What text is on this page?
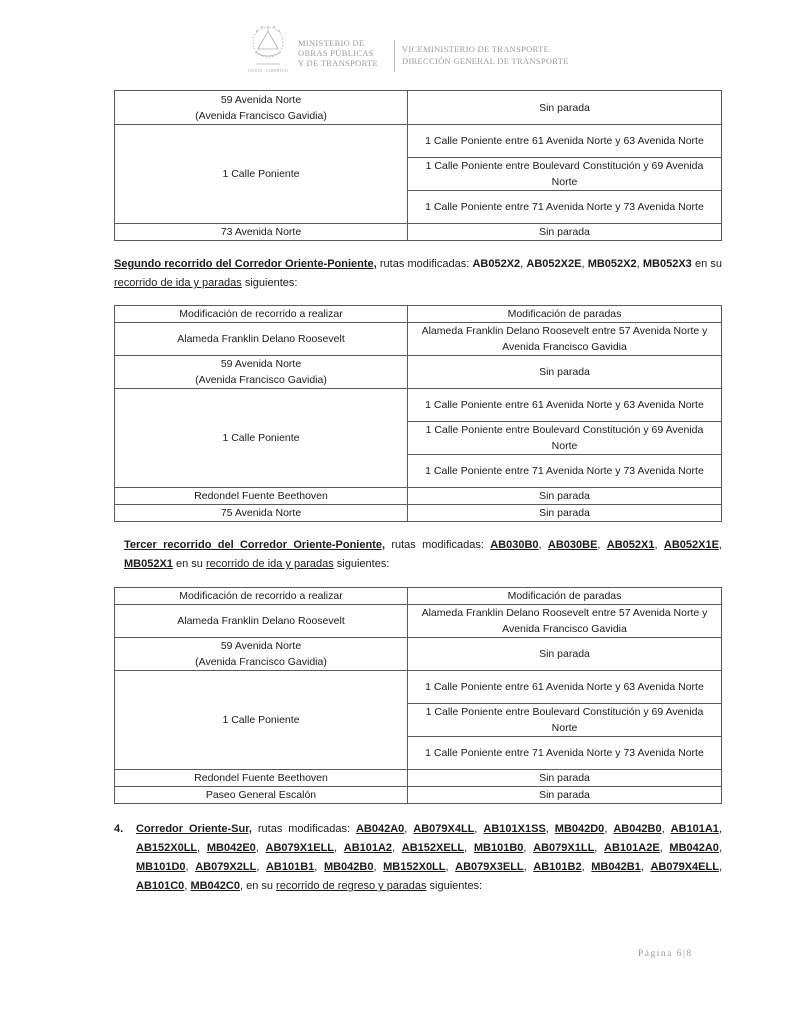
UNIÓN · LIBERTAD
MINISTERIO DE
OBRAS PÚBLICAS
Y DE TRANSPORTE
VICEMINISTERIO DE TRANSPORTE
DIRECCIÓN GENERAL DE TRANSPORTE
59 Avenida Norte
(Avenida Francisco Gavidia)	Sin parada
1 Calle Poniente	1 Calle Poniente entre 61 Avenida Norte y 63 Avenida Norte
	1 Calle Poniente entre Boulevard Constitución y 69 Avenida Norte
	1 Calle Poniente entre 71 Avenida Norte y 73 Avenida Norte
73 Avenida Norte	Sin parada
Segundo recorrido del Corredor Oriente-Poniente, rutas modificadas: AB052X2, AB052X2E, MB052X2, MB052X3 en su recorrido de ida y paradas siguientes:
Modificación de recorrido a realizar	Modificación de paradas
Alameda Franklin Delano Roosevelt	Alameda Franklin Delano Roosevelt entre 57 Avenida Norte y Avenida Francisco Gavidia
59 Avenida Norte
(Avenida Francisco Gavidia)	Sin parada
1 Calle Poniente	1 Calle Poniente entre 61 Avenida Norte y 63 Avenida Norte
	1 Calle Poniente entre Boulevard Constitución y 69 Avenida Norte
	1 Calle Poniente entre 71 Avenida Norte y 73 Avenida Norte
Redondel Fuente Beethoven	Sin parada
75 Avenida Norte	Sin parada
Tercer recorrido del Corredor Oriente-Poniente, rutas modificadas: AB030B0, AB030BE, AB052X1, AB052X1E, MB052X1 en su recorrido de ida y paradas siguientes:
Modificación de recorrido a realizar	Modificación de paradas
Alameda Franklin Delano Roosevelt	Alameda Franklin Delano Roosevelt entre 57 Avenida Norte y Avenida Francisco Gavidia
59 Avenida Norte
(Avenida Francisco Gavidia)	Sin parada
1 Calle Poniente	1 Calle Poniente entre 61 Avenida Norte y 63 Avenida Norte
	1 Calle Poniente entre Boulevard Constitución y 69 Avenida Norte
	1 Calle Poniente entre 71 Avenida Norte y 73 Avenida Norte
Redondel Fuente Beethoven	Sin parada
Paseo General Escalón	Sin parada
4. Corredor Oriente-Sur, rutas modificadas: AB042A0, AB079X4LL, AB101X1SS, MB042D0, AB042B0, AB101A1, AB152X0LL, MB042E0, AB079X1ELL, AB101A2, AB152XELL, MB101B0, AB079X1LL, AB101A2E, MB042A0, MB101D0, AB079X2LL, AB101B1, MB042B0, MB152X0LL, AB079X3ELL, AB101B2, MB042B1, AB079X4ELL, AB101C0, MB042C0, en su recorrido de regreso y paradas siguientes:
Página 6|8
